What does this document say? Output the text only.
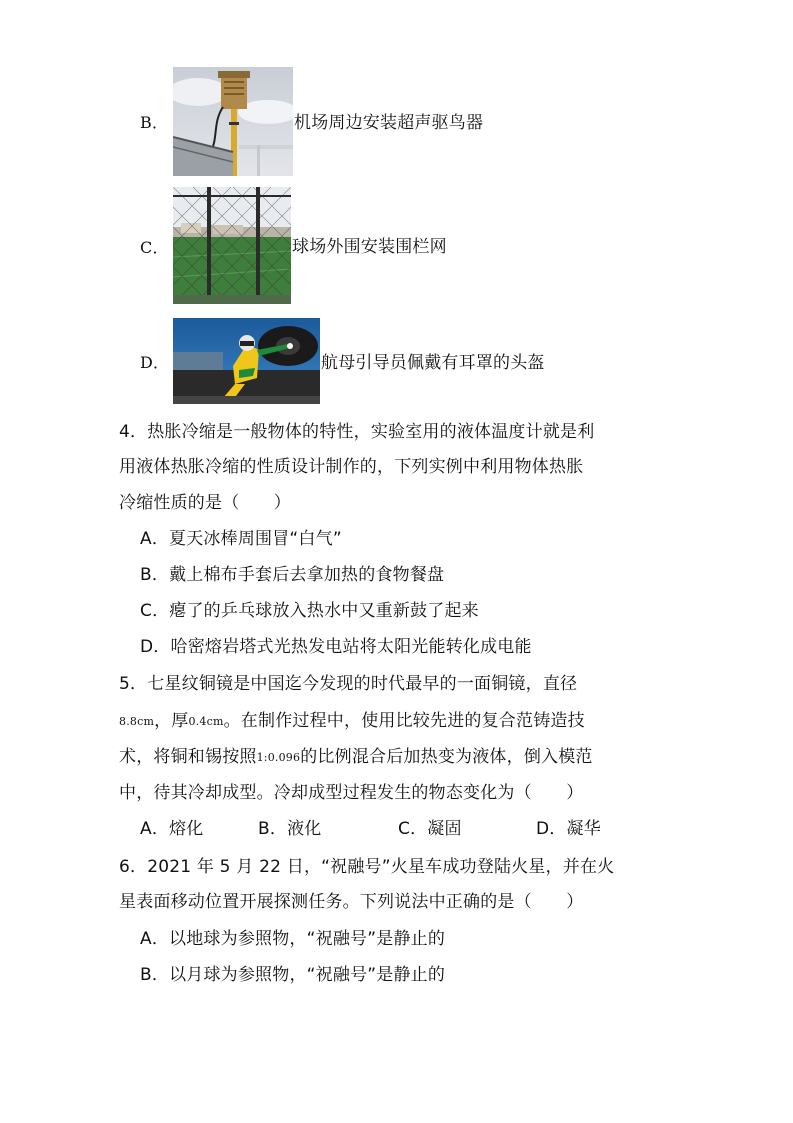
B．	机场周边安装超声驱鸟器
C．	球场外围安装围栏网
D．	航母引导员佩戴有耳罩的头盔
4．热胀冷缩是一般物体的特性，实验室用的液体温度计就是利
用液体热胀冷缩的性质设计制作的，下列实例中利用物体热胀
冷缩性质的是（　　）
A．夏天冰棒周围冒“白气”
B．戴上棉布手套后去拿加热的食物餐盘
C．瘪了的乒乓球放入热水中又重新鼓了起来
D．哈密熔岩塔式光热发电站将太阳光能转化成电能
5．七星纹铜镜是中国迄今发现的时代最早的一面铜镜，直径
8.8cm，厚0.4cm。在制作过程中，使用比较先进的复合范铸造技
术，将铜和锡按照1:0.096的比例混合后加热变为液体，倒入模范
中，待其冷却成型。冷却成型过程发生的物态变化为（　　）
A．熔化	B．液化	C．凝固	D．凝华
6．2021 年 5 月 22 日，“祝融号”火星车成功登陆火星，并在火
星表面移动位置开展探测任务。下列说法中正确的是（　　）
A．以地球为参照物，“祝融号”是静止的
B．以月球为参照物，“祝融号”是静止的
